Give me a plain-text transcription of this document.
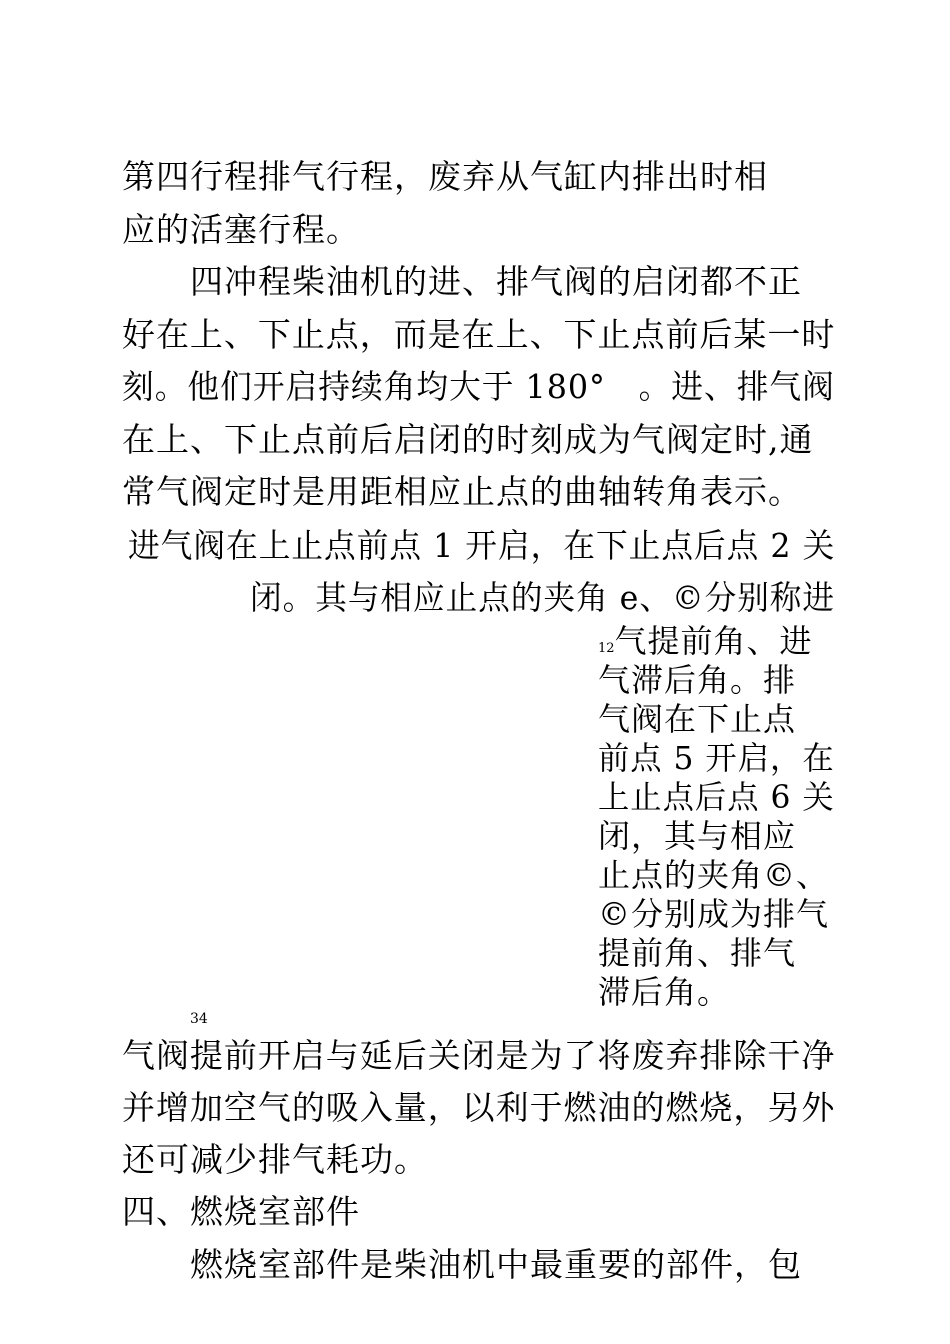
第四行程排气行程，废弃从气缸内排出时相
应的活塞行程。
四冲程柴油机的进、排气阀的启闭都不正
好在上、下止点，而是在上、下止点前后某一时
刻。他们开启持续角均大于 180°　。进、排气阀
在上、下止点前后启闭的时刻成为气阀定时,通
常气阀定时是用距相应止点的曲轴转角表示。
进气阀在上止点前点 1 开启，在下止点后点 2 关
闭。其与相应止点的夹角 e、©分别称进
12气提前角、进
气滞后角。排
气阀在下止点
前点 5 开启，在
上止点后点 6 关
闭，其与相应
止点的夹角©、
©分别成为排气
提前角、排气
滞后角。
34
气阀提前开启与延后关闭是为了将废弃排除干净
并增加空气的吸入量，以利于燃油的燃烧，另外
还可减少排气耗功。
四、燃烧室部件
燃烧室部件是柴油机中最重要的部件，包
